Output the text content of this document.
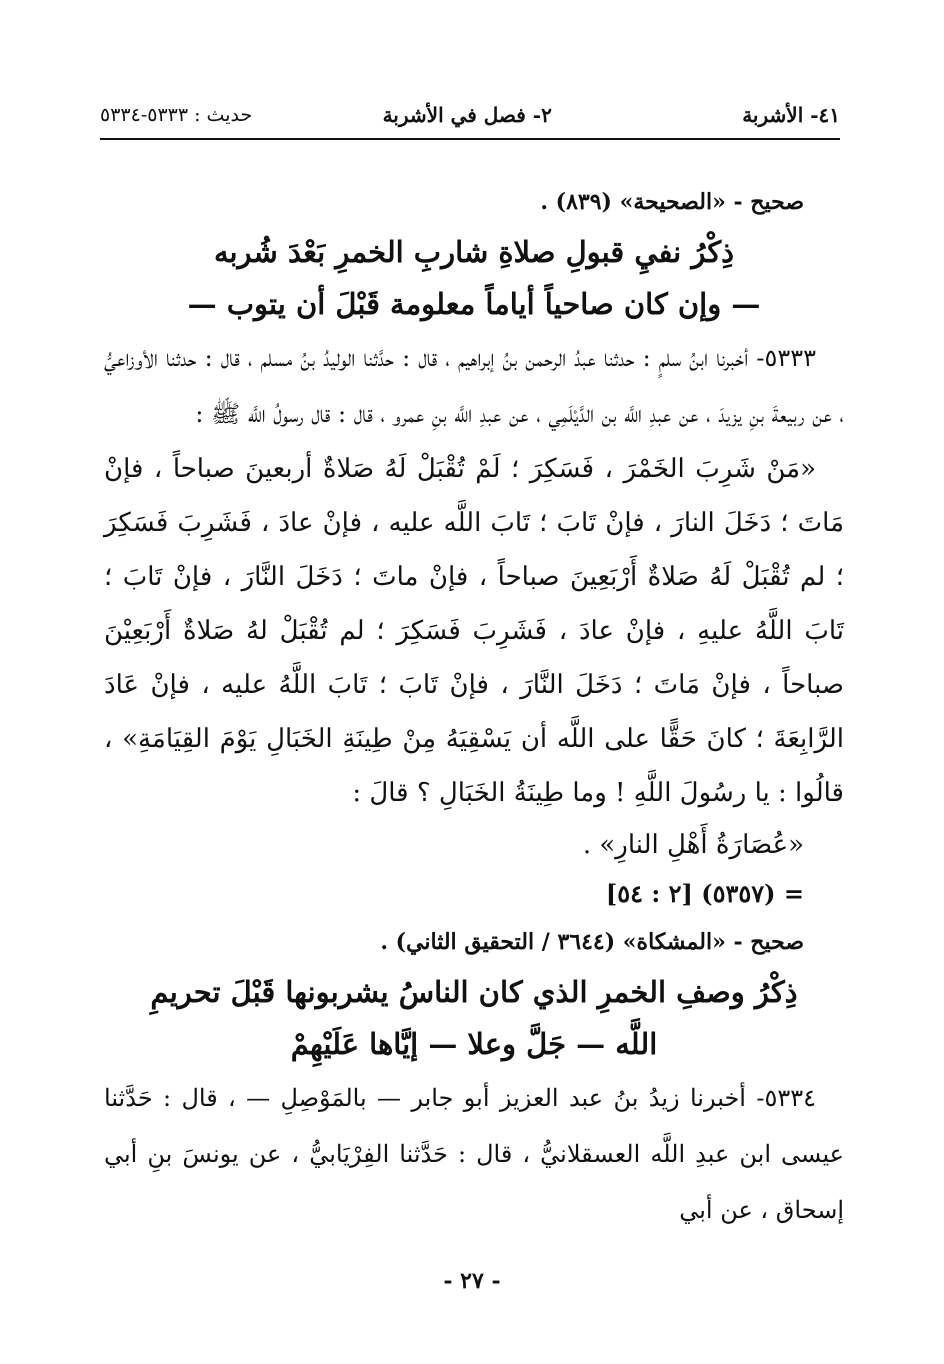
٤١- الأشربة
٢- فصل في الأشربة
حديث : ٥٣٣٣-٥٣٣٤
صحيح - «الصحيحة» (٨٣٩) .
ذِكْرُ نفيِ قبولِ صلاةِ شاربِ الخمرِ بَعْدَ شُربه
— وإن كان صاحياً أياماً معلومة قَبْلَ أن يتوب —

٥٣٣٣- أخبرنا ابنُ سلمٍ : حدثنا عبدُ الرحمن بنُ إبراهيم ، قال : حدَّثنا الوليدُ بنُ مسلم ، قال : حدثنا الأوزاعيُّ ، عن ربيعةَ بنِ يزيدَ ، عن عبدِ اللَّه بن الدَّيْلَمِي ، عن عبدِ اللَّه بنِ عمرو ، قال : قال رسولُ اللَّه ﷺ :

«مَنْ شَرِبَ الخَمْرَ ، فَسَكِرَ ؛ لَمْ تُقْبَلْ لَهُ صَلاةٌ أربعينَ صباحاً ، فإنْ مَاتَ ؛ دَخَلَ النارَ ، فإنْ تَابَ ؛ تَابَ اللَّه عليه ، فإنْ عادَ ، فَشَرِبَ فَسَكِرَ ؛ لم تُقْبَلْ لَهُ صَلاةٌ أَرْبَعِينَ صباحاً ، فإنْ ماتَ ؛ دَخَلَ النَّارَ ، فإنْ تَابَ ؛ تَابَ اللَّهُ عليهِ ، فإنْ عادَ ، فَشَرِبَ فَسَكِرَ ؛ لم تُقْبَلْ لهُ صَلاةٌ أَرْبَعِيْنَ صباحاً ، فإنْ مَاتَ ؛ دَخَلَ النَّارَ ، فإنْ تَابَ ؛ تَابَ اللَّهُ عليه ، فإنْ عَادَ الرَّابِعَةَ ؛ كانَ حَقًّا على اللَّه أن يَسْقِيَهُ مِنْ طِينَةِ الخَبَالِ يَوْمَ القِيَامَةِ» ، قالُوا : يا رسُولَ اللَّهِ ! وما طِينَةُ الخَبَالِ ؟ قالَ :

«عُصَارَةُ أَهْلِ النارِ» .
= (٥٣٥٧) [٢ : ٥٤]
صحيح - «المشكاة» (٣٦٤٤ / التحقيق الثاني) .
ذِكْرُ وصفِ الخمرِ الذي كان الناسُ يشربونها قَبْلَ تحريمِ
اللَّه — جَلَّ وعلا — إيَّاها عَلَيْهِمْ

٥٣٣٤- أخبرنا زيدُ بنُ عبد العزيز أبو جابر — بالمَوْصِلِ — ، قال : حَدَّثنا عيسى ابن عبدِ اللَّه العسقلانيُّ ، قال : حَدَّثنا الفِرْيَابيُّ ، عن يونسَ بنِ أبي إسحاق ، عن أبي

- ٢٧ -
